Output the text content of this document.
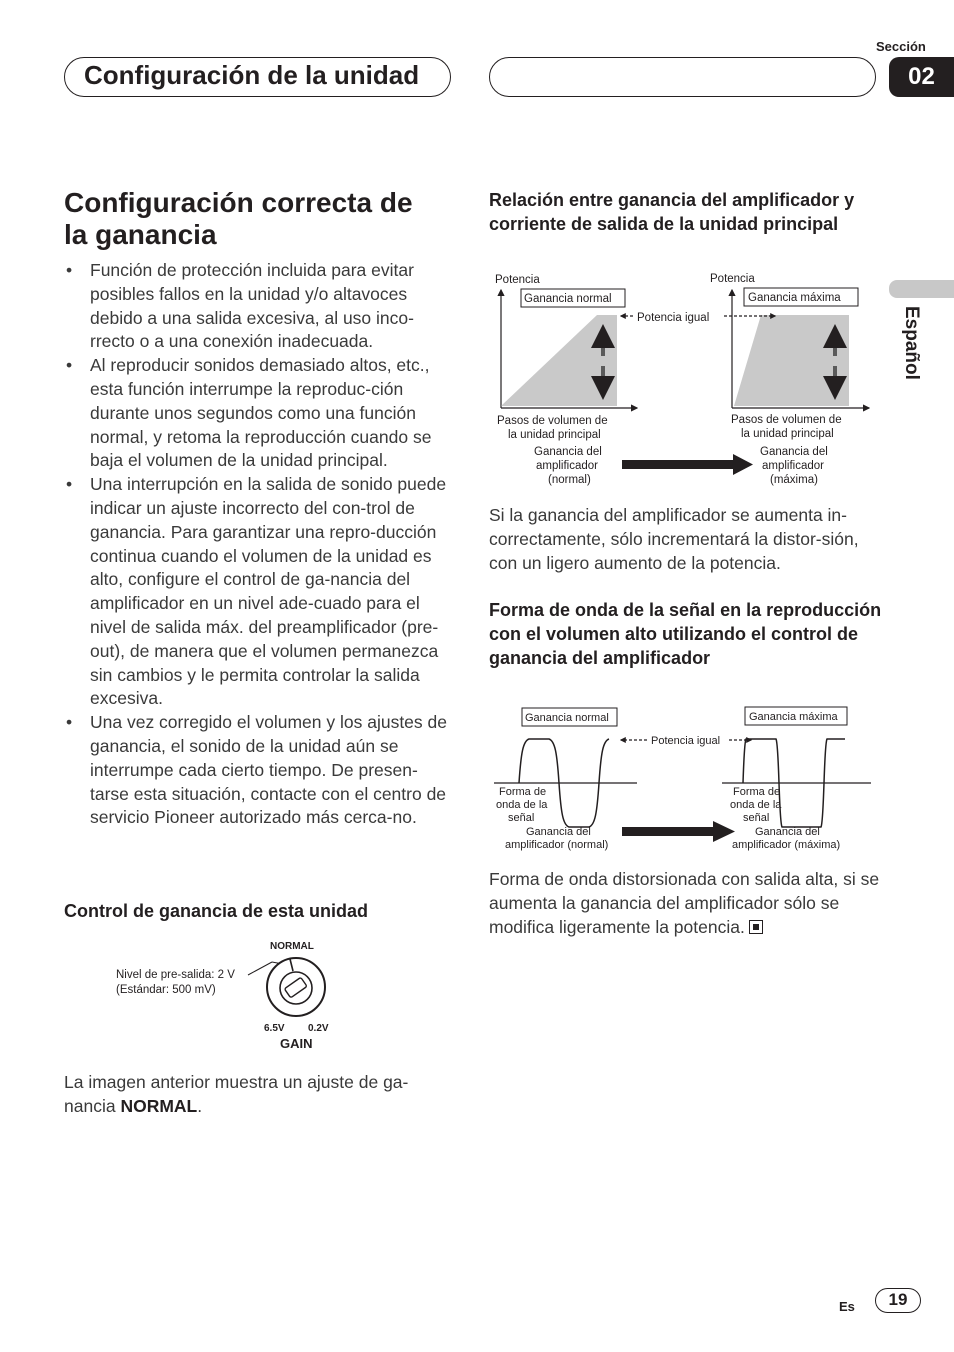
Configuración de la unidad
Sección
02
Español
Configuración correcta de
la ganancia
• Función de protección incluida para evitar posibles fallos en la unidad y/o altavoces debido a una salida excesiva, al uso inco-rrecto o a una conexión inadecuada.
• Al reproducir sonidos demasiado altos, etc., esta función interrumpe la reproduc-ción durante unos segundos como una función normal, y retoma la reproducción cuando se baja el volumen de la unidad principal.
• Una interrupción en la salida de sonido puede indicar un ajuste incorrecto del con-trol de ganancia. Para garantizar una repro-ducción continua cuando el volumen de la unidad es alto, configure el control de ga-nancia del amplificador en un nivel ade-cuado para el nivel de salida máx. del preamplificador (pre-out), de manera que el volumen permanezca sin cambios y le permita controlar la salida excesiva.
• Una vez corregido el volumen y los ajustes de ganancia, el sonido de la unidad aún se interrumpe cada cierto tiempo. De presen-tarse esta situación, contacte con el centro de servicio Pioneer autorizado más cerca-no.
Control de ganancia de esta unidad
NORMAL
Nivel de pre-salida: 2 V
(Estándar: 500 mV)
6.5V 0.2V
GAIN
La imagen anterior muestra un ajuste de ga-nancia NORMAL.
Relación entre ganancia del amplificador y corriente de salida de la unidad principal
Potencia
Ganancia normal
Pasos de volumen de
la unidad principal
Potencia
Ganancia máxima
Pasos de volumen de
la unidad principal
Potencia igual
Ganancia del
amplificador
(normal)
Ganancia del
amplificador
(máxima)
Si la ganancia del amplificador se aumenta in-correctamente, sólo incrementará la distor-sión, con un ligero aumento de la potencia.
Forma de onda de la señal en la reproducción con el volumen alto utilizando el control de ganancia del amplificador
Ganancia normal	Ganancia máxima
Potencia igual
Forma de
onda de la
señal
Forma de
onda de la
señal
Ganancia del
amplificador (normal)
Ganancia del
amplificador (máxima)
Forma de onda distorsionada con salida alta, si se aumenta la ganancia del amplificador sólo se modifica ligeramente la potencia.
Es	19
